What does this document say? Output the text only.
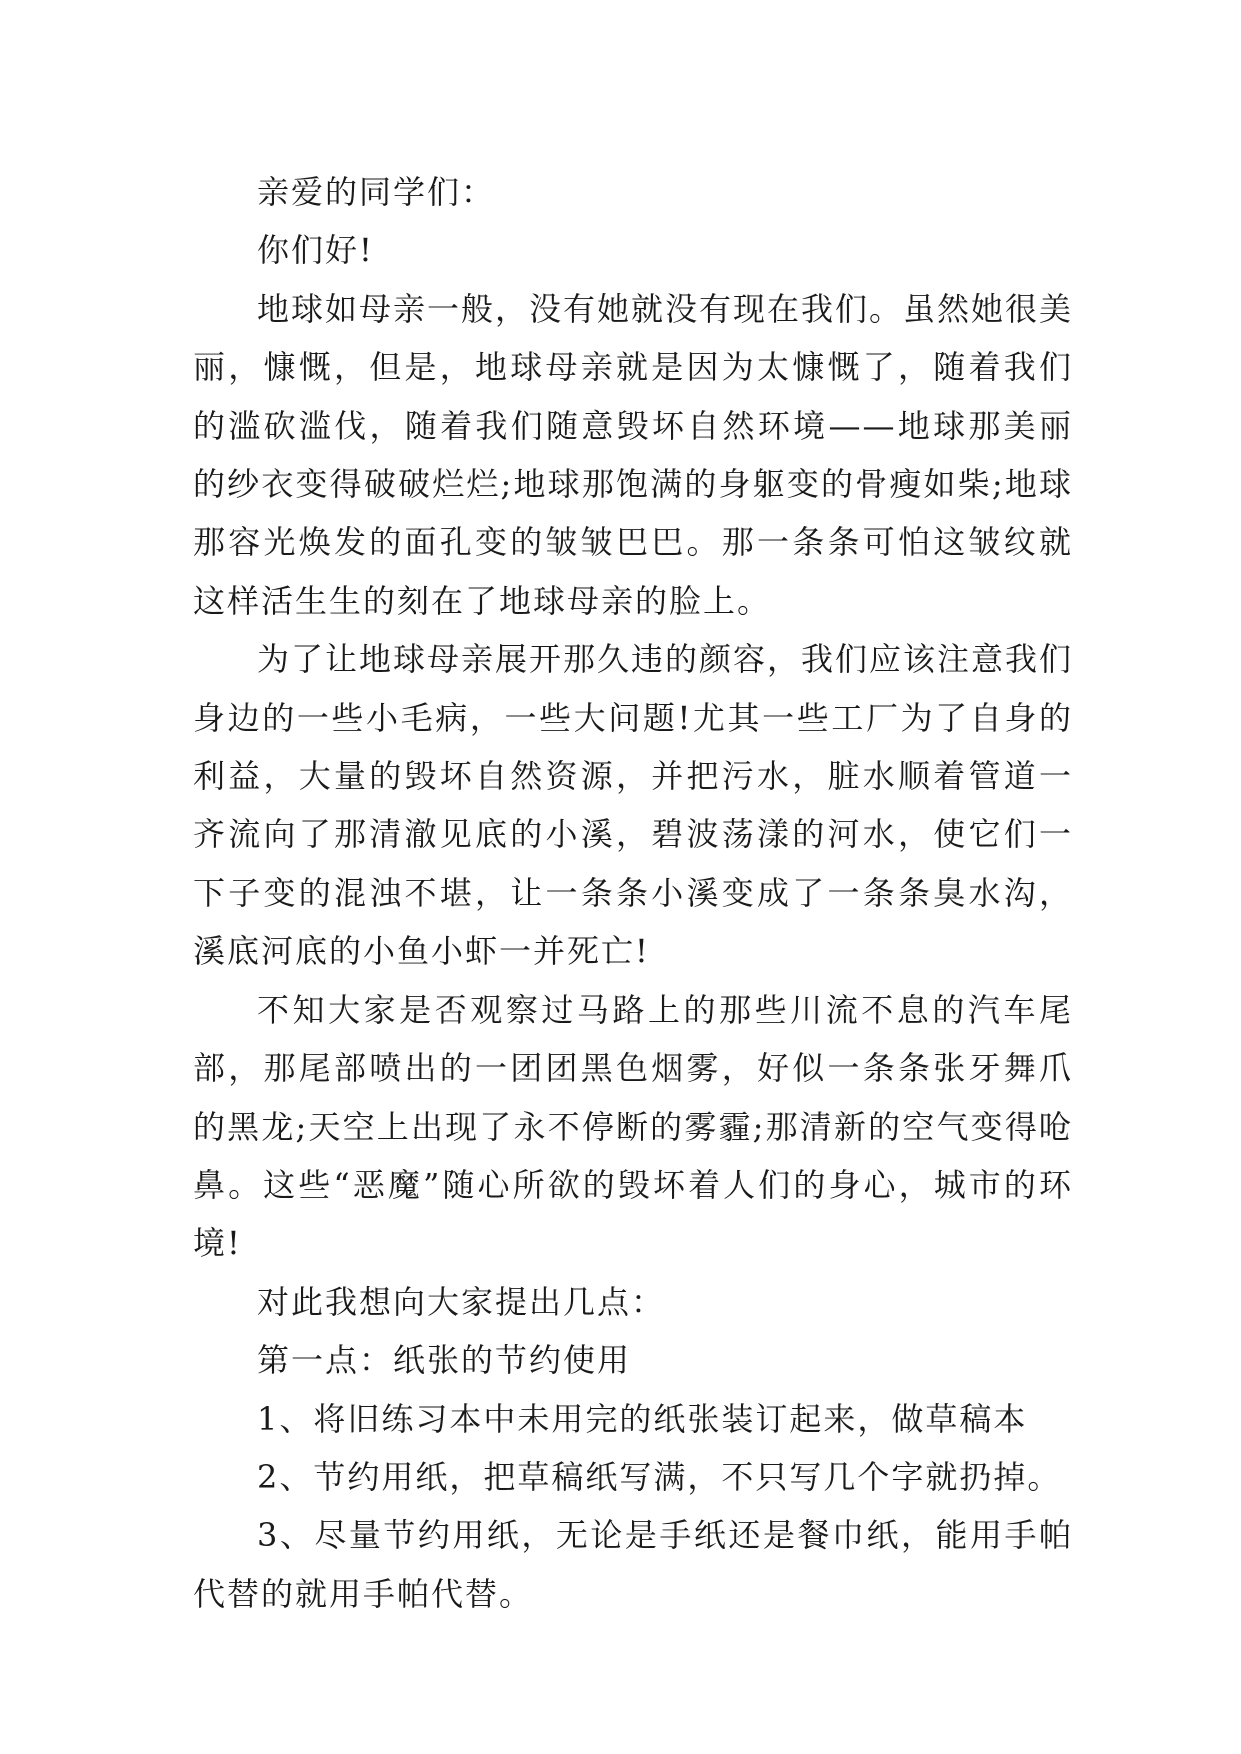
亲爱的同学们：

你们好!

地球如母亲一般，没有她就没有现在我们。虽然她很美丽，慷慨，但是，地球母亲就是因为太慷慨了，随着我们的滥砍滥伐，随着我们随意毁坏自然环境——地球那美丽的纱衣变得破破烂烂;地球那饱满的身躯变的骨瘦如柴;地球那容光焕发的面孔变的皱皱巴巴。那一条条可怕这皱纹就这样活生生的刻在了地球母亲的脸上。

为了让地球母亲展开那久违的颜容，我们应该注意我们身边的一些小毛病，一些大问题!尤其一些工厂为了自身的利益，大量的毁坏自然资源，并把污水，脏水顺着管道一齐流向了那清澈见底的小溪，碧波荡漾的河水，使它们一下子变的混浊不堪，让一条条小溪变成了一条条臭水沟，溪底河底的小鱼小虾一并死亡!

不知大家是否观察过马路上的那些川流不息的汽车尾部，那尾部喷出的一团团黑色烟雾，好似一条条张牙舞爪的黑龙;天空上出现了永不停断的雾霾;那清新的空气变得呛鼻。这些“恶魔”随心所欲的毁坏着人们的身心，城市的环境!

对此我想向大家提出几点：

第一点：纸张的节约使用

1、将旧练习本中未用完的纸张装订起来，做草稿本

2、节约用纸，把草稿纸写满，不只写几个字就扔掉。

3、尽量节约用纸，无论是手纸还是餐巾纸，能用手帕代替的就用手帕代替。
